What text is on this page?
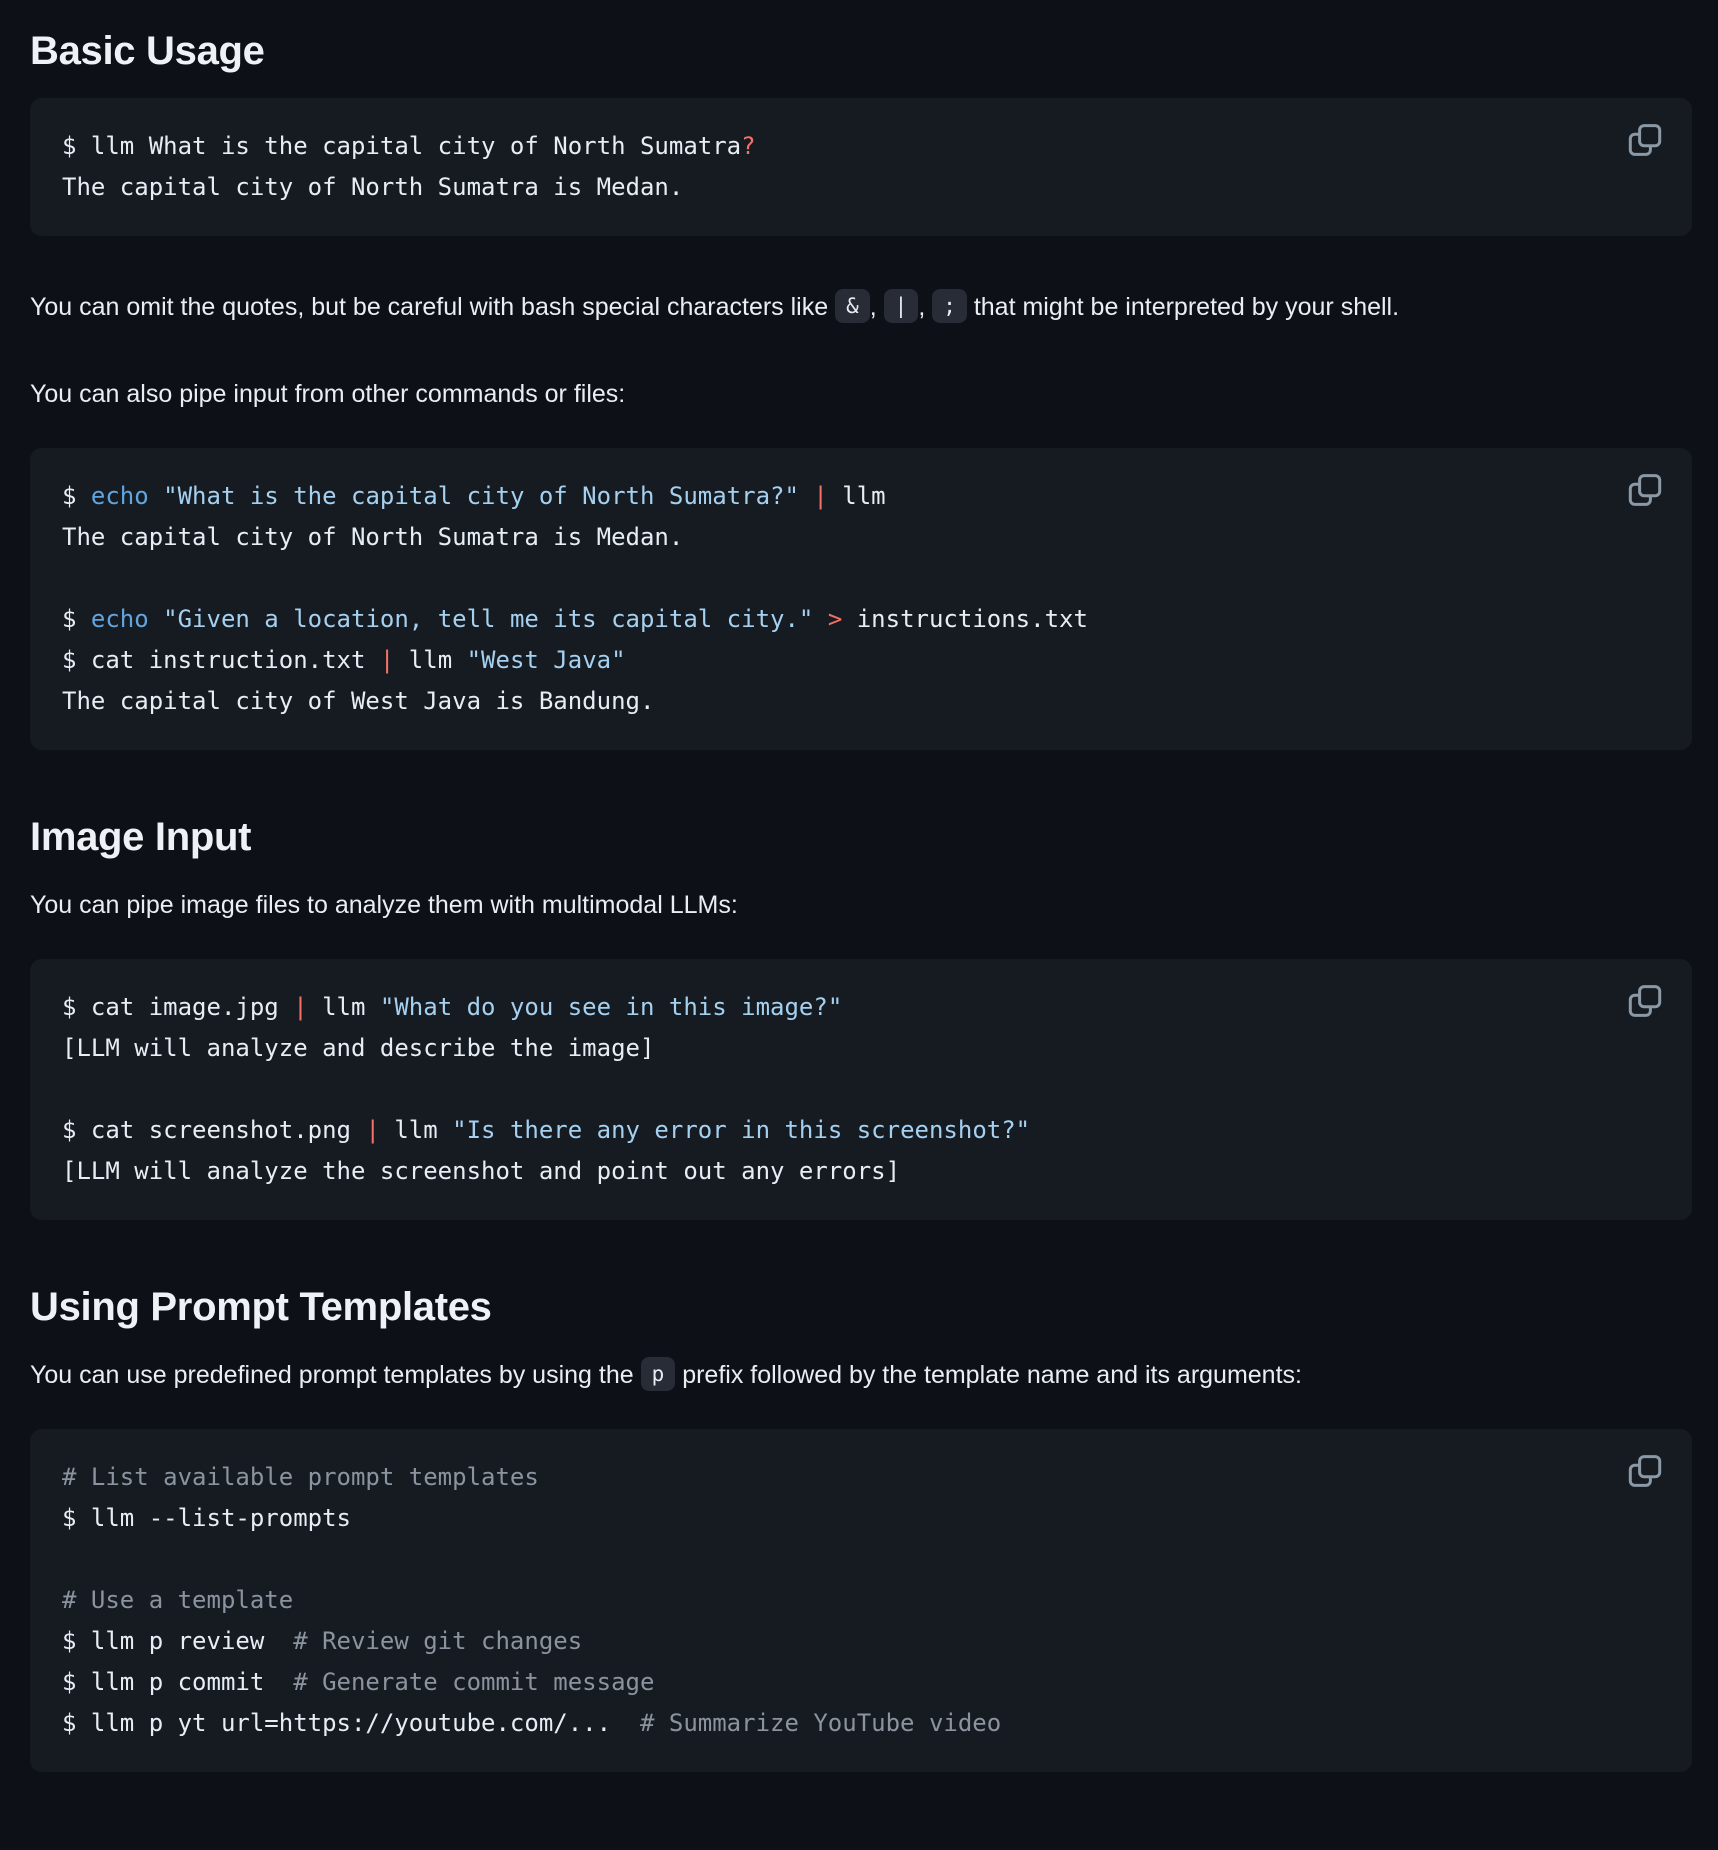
Basic Usage
$ llm What is the capital city of North Sumatra?
The capital city of North Sumatra is Medan.

You can omit the quotes, but be careful with bash special characters like & , | , ; that might be interpreted by your shell.

You can also pipe input from other commands or files:

$ echo "What is the capital city of North Sumatra?" | llm
The capital city of North Sumatra is Medan.
$ echo "Given a location, tell me its capital city." > instructions.txt
$ cat instruction.txt | llm "West Java"
The capital city of West Java is Bandung.
Image Input

You can pipe image files to analyze them with multimodal LLMs:

$ cat image.jpg | llm "What do you see in this image?"
[LLM will analyze and describe the image]
$ cat screenshot.png | llm "Is there any error in this screenshot?"
[LLM will analyze the screenshot and point out any errors]
Using Prompt Templates

You can use predefined prompt templates by using the p prefix followed by the template name and its arguments:

# List available prompt templates
$ llm --list-prompts
# Use a template
$ llm p review  # Review git changes
$ llm p commit  # Generate commit message
$ llm p yt url=https://youtube.com/...  # Summarize YouTube video
